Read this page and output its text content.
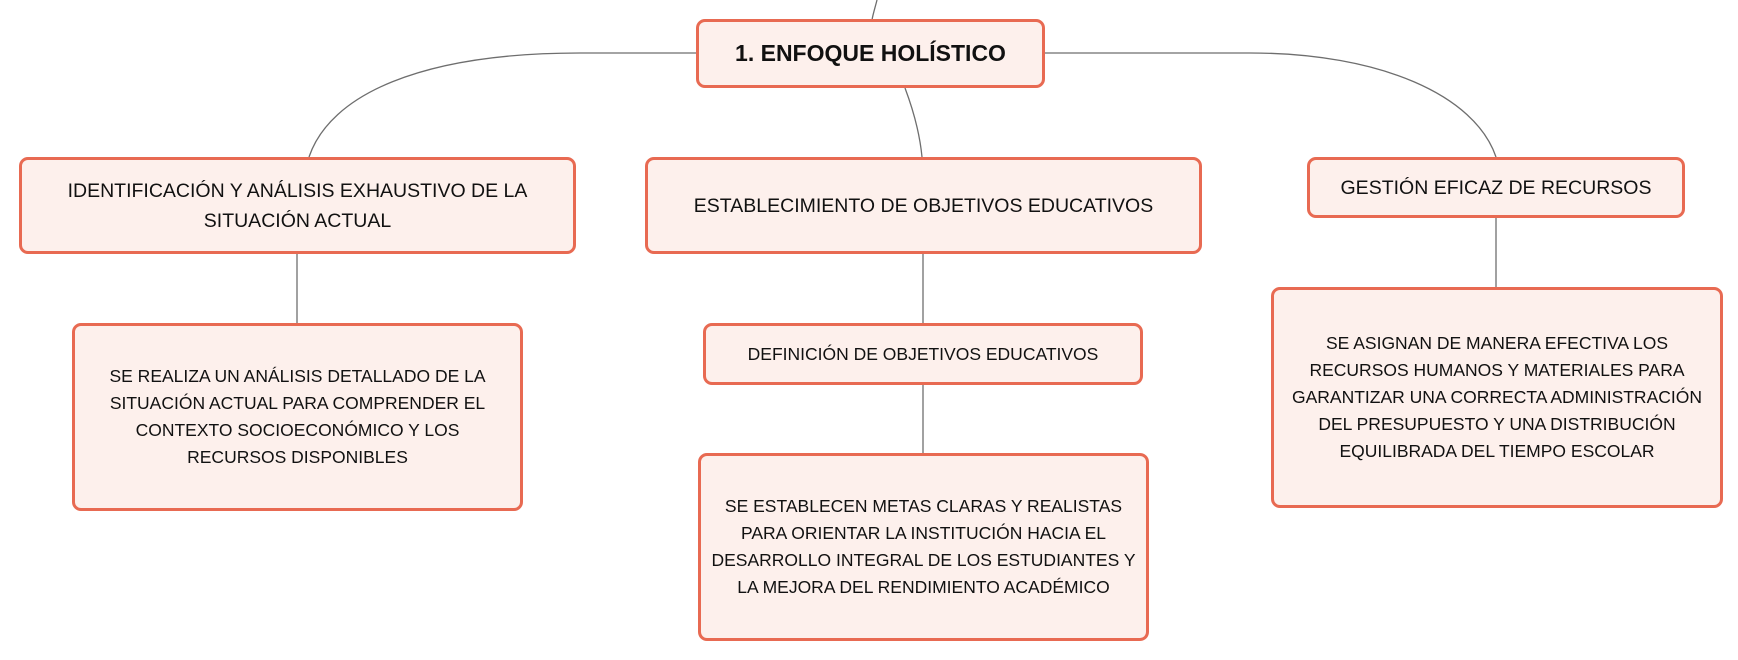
1. ENFOQUE HOLÍSTICO
IDENTIFICACIÓN Y ANÁLISIS EXHAUSTIVO DE LA SITUACIÓN ACTUAL
ESTABLECIMIENTO DE OBJETIVOS EDUCATIVOS
GESTIÓN EFICAZ DE RECURSOS
SE REALIZA UN ANÁLISIS DETALLADO DE LA SITUACIÓN ACTUAL PARA COMPRENDER EL CONTEXTO SOCIOECONÓMICO Y LOS RECURSOS DISPONIBLES
DEFINICIÓN DE OBJETIVOS EDUCATIVOS
SE ESTABLECEN METAS CLARAS Y REALISTAS PARA ORIENTAR LA INSTITUCIÓN HACIA EL DESARROLLO INTEGRAL DE LOS ESTUDIANTES Y LA MEJORA DEL RENDIMIENTO ACADÉMICO
SE ASIGNAN DE MANERA EFECTIVA LOS RECURSOS HUMANOS Y MATERIALES PARA GARANTIZAR UNA CORRECTA ADMINISTRACIÓN DEL PRESUPUESTO Y UNA DISTRIBUCIÓN EQUILIBRADA DEL TIEMPO ESCOLAR
